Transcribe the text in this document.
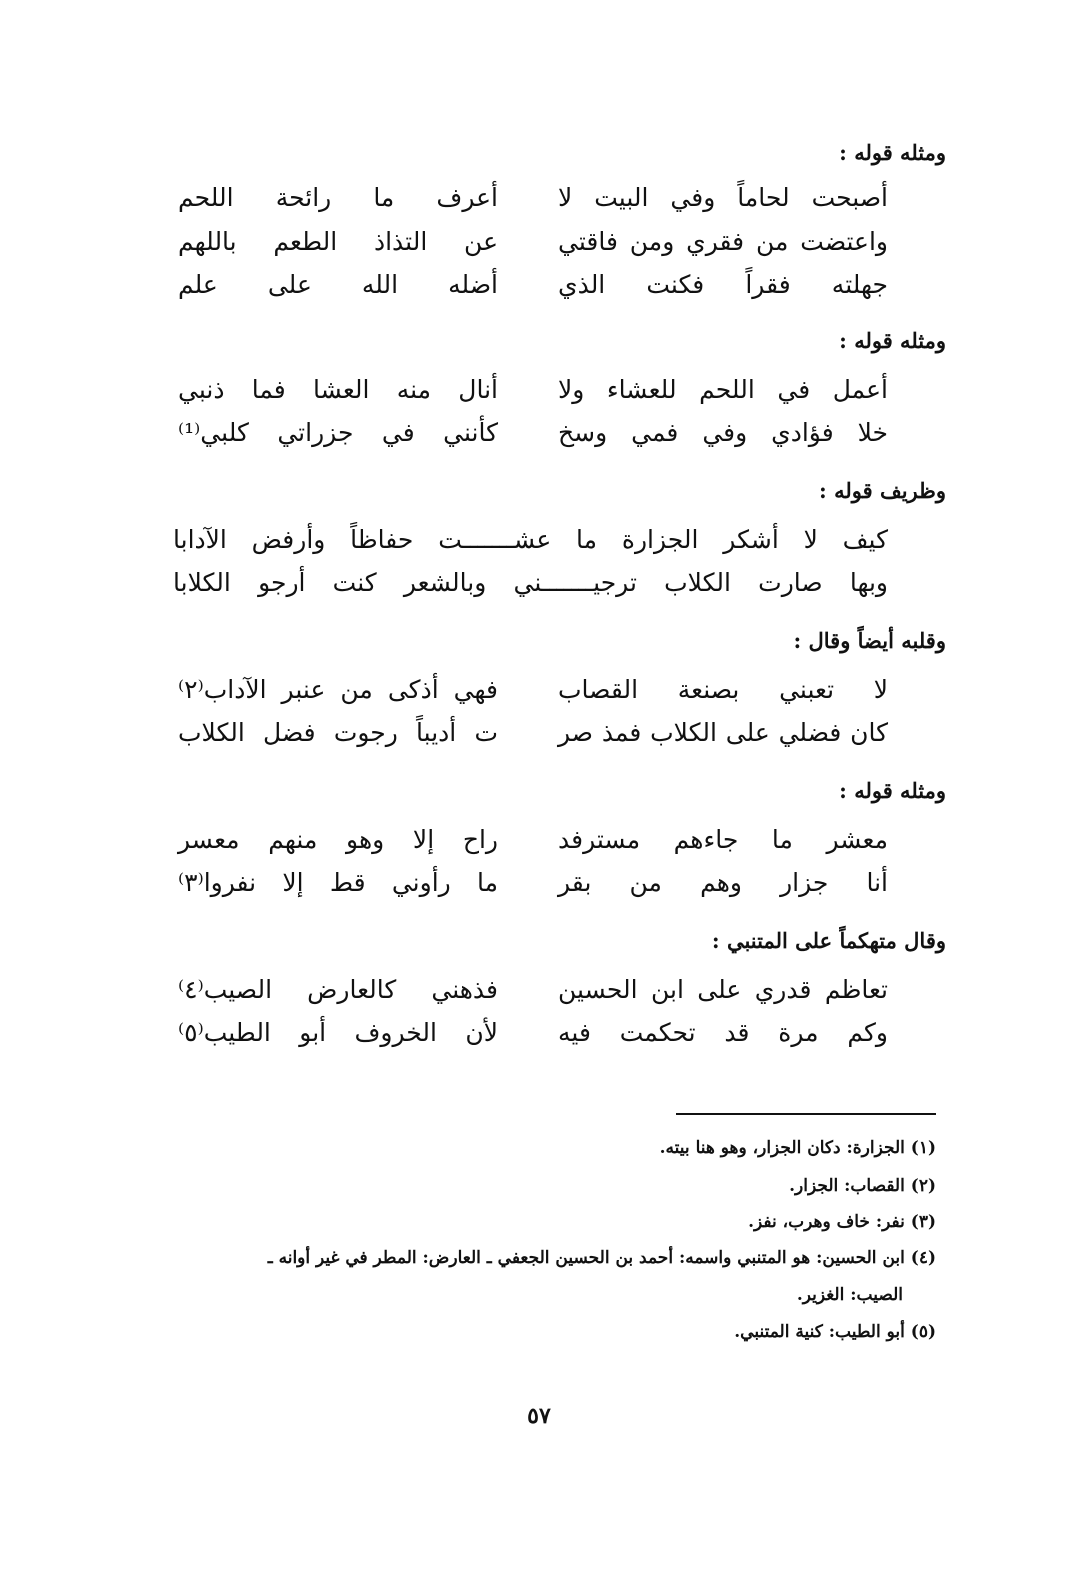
ومثله قوله :
أصبحت لحاماً وفي البيت لا
أعرف ما رائحة اللحم
واعتضت من فقري ومن فاقتي
عن التذاذ الطعم باللهم
جهلته فقراً فكنت الذي
أضله الله على علم
ومثله قوله :
أعمل في اللحم للعشاء ولا
أنال منه العشا فما ذنبي
خلا فؤادي وفي فمي وسخ
كأنني في جزراتي كلبي⁽¹⁾
وظريف قوله :
كيف لا أشكر الجزارة ما عشـــــــت حفاظاً وأرفض الآدابا
وبها صارت الكلاب ترجيـــــــني وبالشعر كنت أرجو الكلابا
وقلبه أيضاً وقال :
لا تعبني بصنعة القصاب
فهي أذكى من عنبر الآداب⁽٢⁾
كان فضلي على الكلاب فمذ صر
ت أديباً رجوت فضل الكلاب
ومثله قوله :
معشر ما جاءهم مسترفد
راح إلا وهو منهم معسر
أنا جزار وهم من بقر
ما رأوني قط إلا نفروا⁽٣⁾
وقال متهكماً على المتنبي :
تعاظم قدري على ابن الحسين
فذهني كالعارض الصيب⁽٤⁾
وكم مرة قد تحكمت فيه
لأن الخروف أبو الطيب⁽٥⁾
(١) الجزارة: دكان الجزار، وهو هنا بيته.
(٢) القصاب: الجزار.
(٣) نفر: خاف وهرب، نفز.
(٤) ابن الحسين: هو المتنبي واسمه: أحمد بن الحسين الجعفي ـ العارض: المطر في غير أوانه ـ
الصيب: الغزير.
(٥) أبو الطيب: كنية المتنبي.
٥٧
